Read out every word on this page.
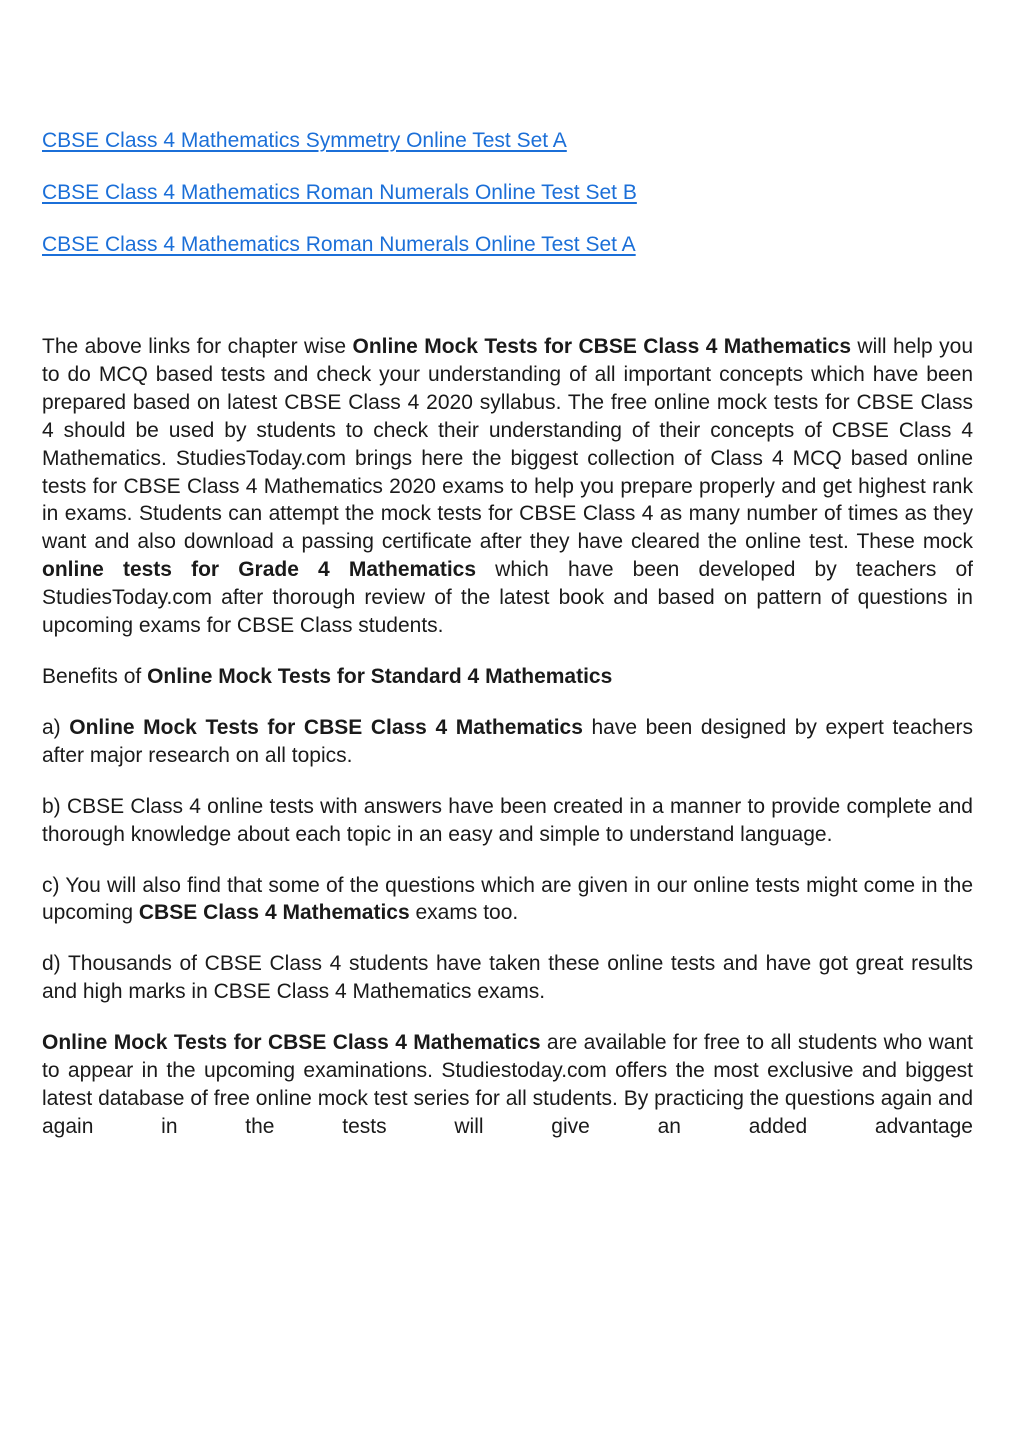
CBSE Class 4 Mathematics Symmetry Online Test Set A
CBSE Class 4 Mathematics Roman Numerals Online Test Set B
CBSE Class 4 Mathematics Roman Numerals Online Test Set A

The above links for chapter wise Online Mock Tests for CBSE Class 4 Mathematics will help you to do MCQ based tests and check your understanding of all important concepts which have been prepared based on latest CBSE Class 4 2020 syllabus. The free online mock tests for CBSE Class 4 should be used by students to check their understanding of their concepts of CBSE Class 4 Mathematics. StudiesToday.com brings here the biggest collection of Class 4 MCQ based online tests for CBSE Class 4 Mathematics 2020 exams to help you prepare properly and get highest rank in exams. Students can attempt the mock tests for CBSE Class 4 as many number of times as they want and also download a passing certificate after they have cleared the online test. These mock online tests for Grade 4 Mathematics which have been developed by teachers of StudiesToday.com after thorough review of the latest book and based on pattern of questions in upcoming exams for CBSE Class students.

Benefits of Online Mock Tests for Standard 4 Mathematics

a) Online Mock Tests for CBSE Class 4 Mathematics have been designed by expert teachers after major research on all topics.

b) CBSE Class 4 online tests with answers have been created in a manner to provide complete and thorough knowledge about each topic in an easy and simple to understand language.

c) You will also find that some of the questions which are given in our online tests might come in the upcoming CBSE Class 4 Mathematics exams too.

d) Thousands of CBSE Class 4 students have taken these online tests and have got great results and high marks in CBSE Class 4 Mathematics exams.

Online Mock Tests for CBSE Class 4 Mathematics are available for free to all students who want to appear in the upcoming examinations. Studiestoday.com offers the most exclusive and biggest latest database of free online mock test series for all students. By practicing the questions again and again in the tests will give an added advantage
